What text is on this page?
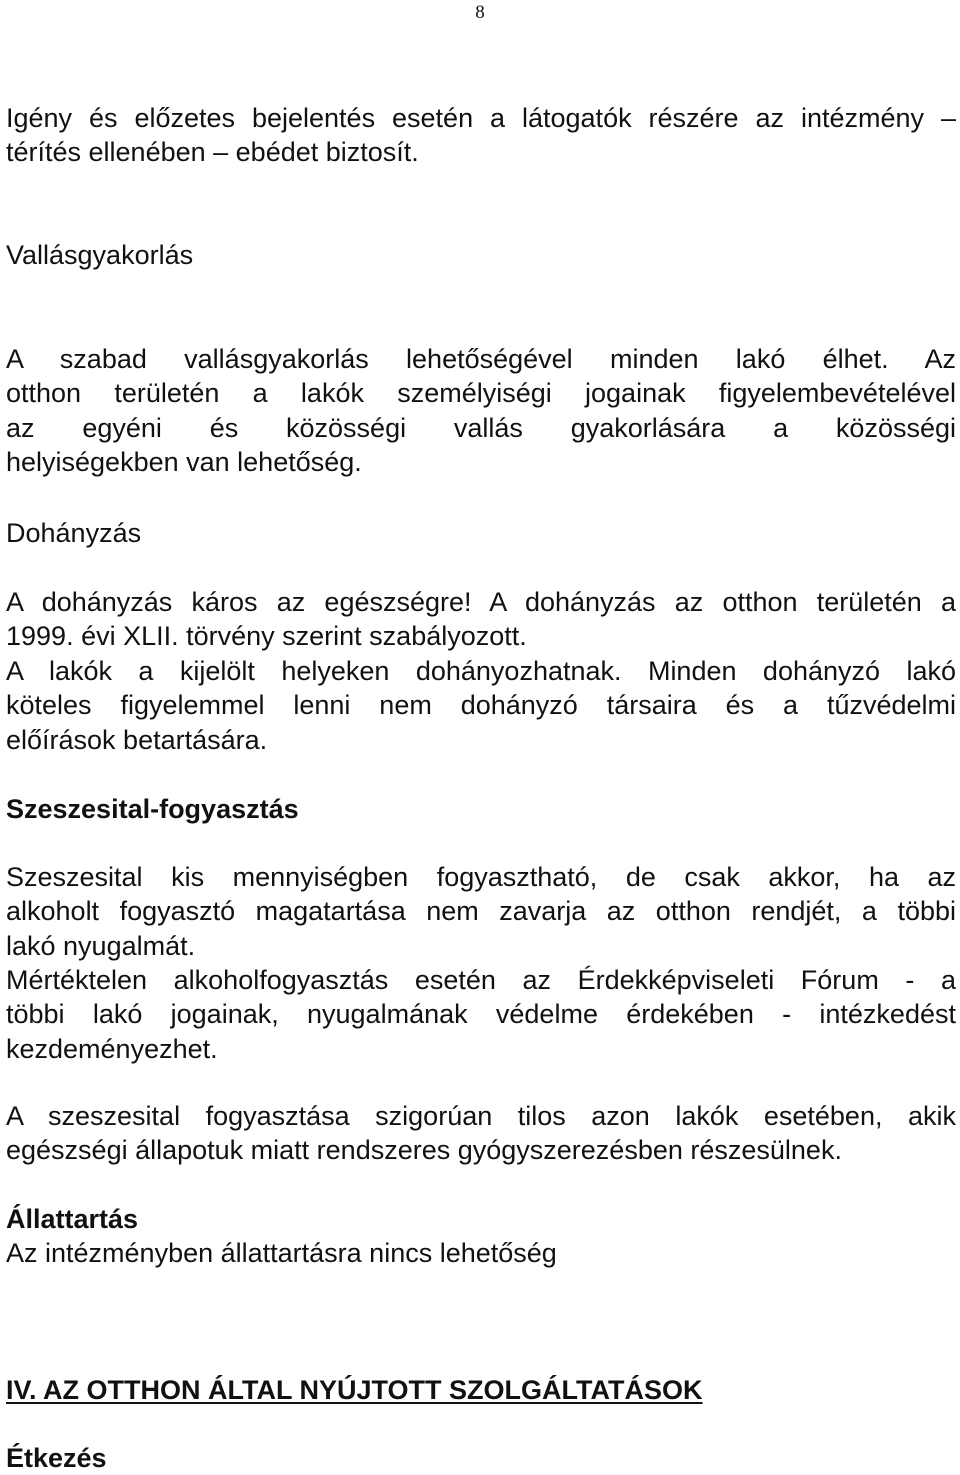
8
Igény és előzetes bejelentés esetén a látogatók részére az intézmény –
térítés ellenében – ebédet biztosít.
Vallásgyakorlás
A szabad vallásgyakorlás lehetőségével minden lakó élhet. Az
otthon területén a lakók személyiségi jogainak figyelembevételével
az egyéni és közösségi vallás gyakorlására a közösségi
helyiségekben van lehetőség.
Dohányzás
A dohányzás káros az egészségre! A dohányzás az otthon területén a
1999. évi XLII. törvény szerint szabályozott.
A lakók a kijelölt helyeken dohányozhatnak. Minden dohányzó lakó
köteles figyelemmel lenni nem dohányzó társaira és a tűzvédelmi
előírások betartására.
Szeszesital-fogyasztás
Szeszesital kis mennyiségben fogyasztható, de csak akkor, ha az
alkoholt fogyasztó magatartása nem zavarja az otthon rendjét, a többi
lakó nyugalmát.
Mértéktelen alkoholfogyasztás esetén az Érdekképviseleti Fórum - a
többi lakó jogainak, nyugalmának védelme érdekében - intézkedést
kezdeményezhet.
A szeszesital fogyasztása szigorúan tilos azon lakók esetében, akik
egészségi állapotuk miatt rendszeres gyógyszerezésben részesülnek.
Állattartás
Az intézményben állattartásra nincs lehetőség
IV. AZ OTTHON ÁLTAL NYÚJTOTT SZOLGÁLTATÁSOK
Étkezés
